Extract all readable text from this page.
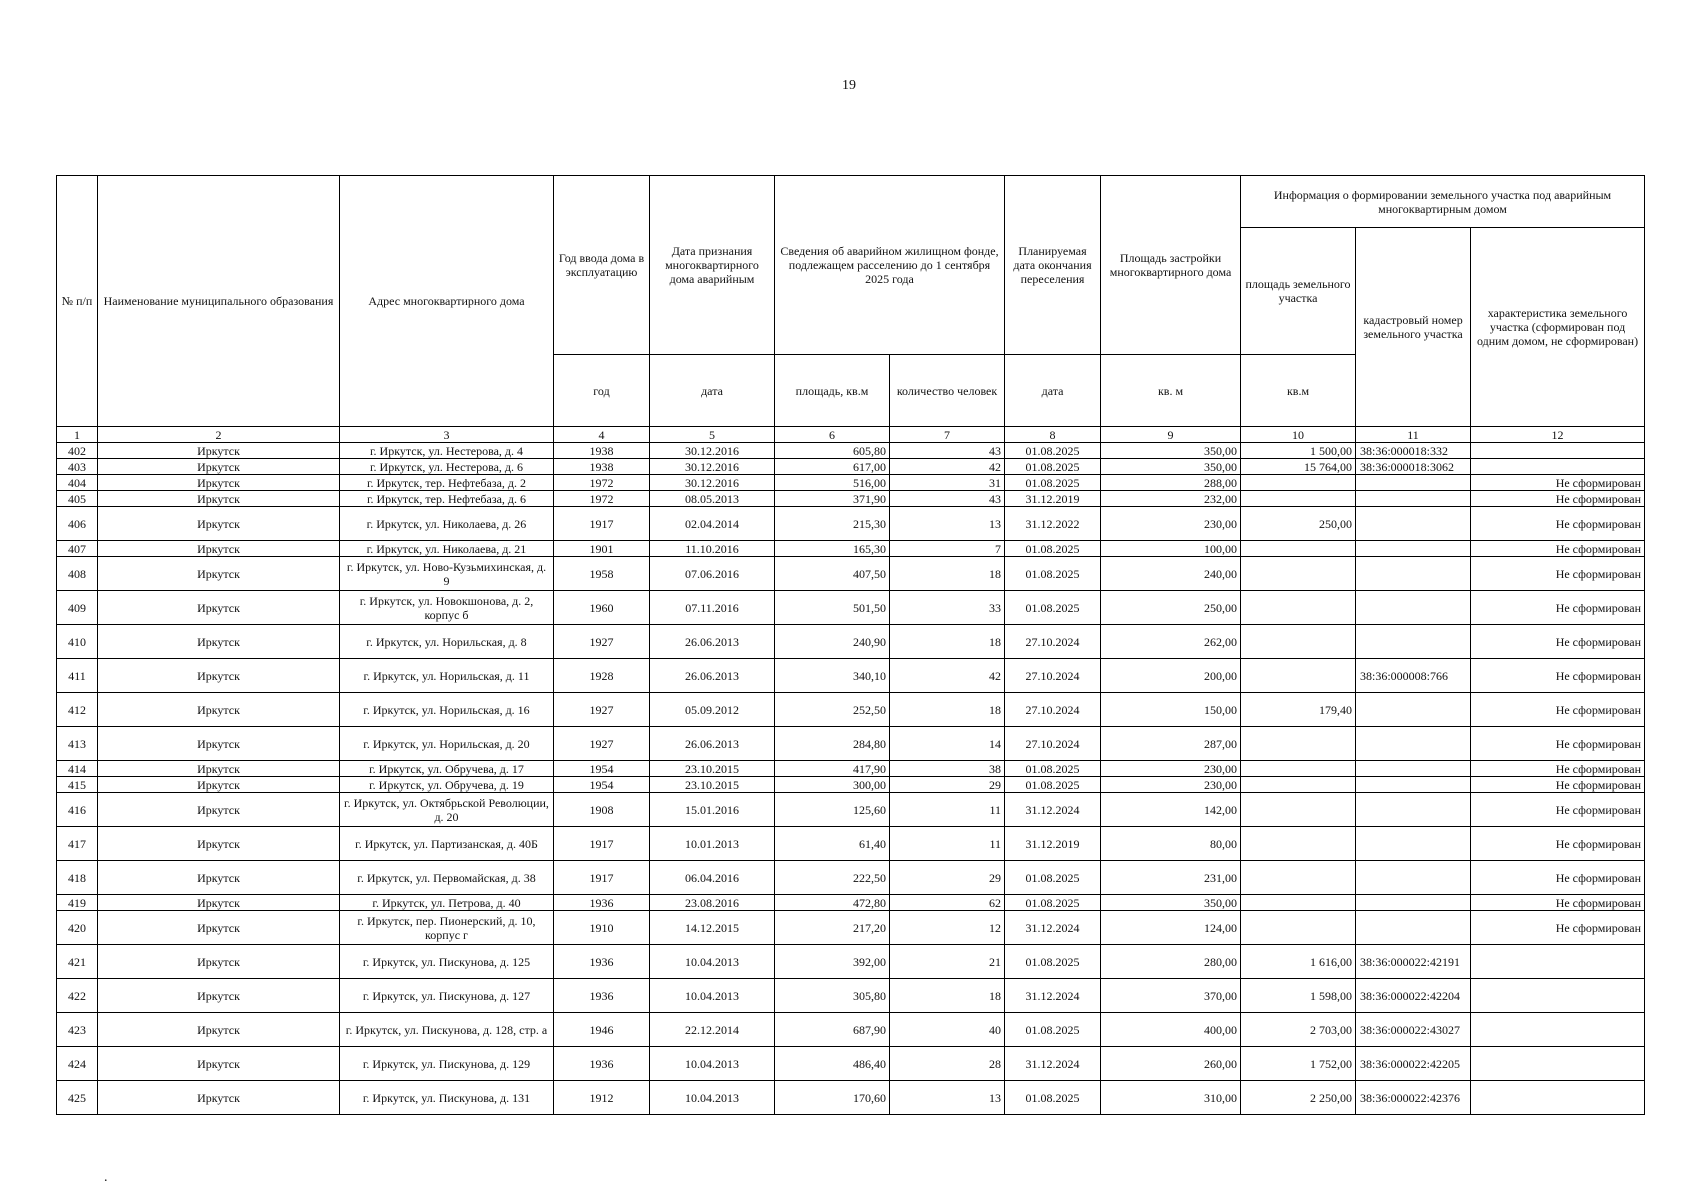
19
№ п/п	Наименование муниципального образования	Адрес многоквартирного дома	Год ввода дома в эксплуатацию	Дата признания многоквартирного дома аварийным	Сведения об аварийном жилищном фонде, подлежащем расселению до 1 сентября 2025 года		Планируемая дата окончания переселения	Площадь застройки многоквартирного дома	Информация о формировании земельного участка под аварийным многоквартирным домом		
									площадь земельного участка	кадастровый номер земельного участка	характеристика земельного участка (сформирован под одним домом, не сформирован)
			год	дата	площадь, кв.м	количество человек	дата	кв. м	кв.м		
1	2	3	4	5	6	7	8	9	10	11	12
402	Иркутск	г. Иркутск, ул. Нестерова, д. 4	1938	30.12.2016	605,80	43	01.08.2025	350,00	1 500,00	38:36:000018:332	
403	Иркутск	г. Иркутск, ул. Нестерова, д. 6	1938	30.12.2016	617,00	42	01.08.2025	350,00	15 764,00	38:36:000018:3062	
404	Иркутск	г. Иркутск, тер. Нефтебаза, д. 2	1972	30.12.2016	516,00	31	01.08.2025	288,00			Не сформирован
405	Иркутск	г. Иркутск, тер. Нефтебаза, д. 6	1972	08.05.2013	371,90	43	31.12.2019	232,00			Не сформирован
406	Иркутск	г. Иркутск, ул. Николаева, д. 26	1917	02.04.2014	215,30	13	31.12.2022	230,00	250,00		Не сформирован
407	Иркутск	г. Иркутск, ул. Николаева, д. 21	1901	11.10.2016	165,30	7	01.08.2025	100,00			Не сформирован
408	Иркутск	г. Иркутск, ул. Ново-Кузьмихинская, д. 9	1958	07.06.2016	407,50	18	01.08.2025	240,00			Не сформирован
409	Иркутск	г. Иркутск, ул. Новокшонова, д. 2, корпус б	1960	07.11.2016	501,50	33	01.08.2025	250,00			Не сформирован
410	Иркутск	г. Иркутск, ул. Норильская, д. 8	1927	26.06.2013	240,90	18	27.10.2024	262,00			Не сформирован
411	Иркутск	г. Иркутск, ул. Норильская, д. 11	1928	26.06.2013	340,10	42	27.10.2024	200,00		38:36:000008:766	Не сформирован
412	Иркутск	г. Иркутск, ул. Норильская, д. 16	1927	05.09.2012	252,50	18	27.10.2024	150,00	179,40		Не сформирован
413	Иркутск	г. Иркутск, ул. Норильская, д. 20	1927	26.06.2013	284,80	14	27.10.2024	287,00			Не сформирован
414	Иркутск	г. Иркутск, ул. Обручева, д. 17	1954	23.10.2015	417,90	38	01.08.2025	230,00			Не сформирован
415	Иркутск	г. Иркутск, ул. Обручева, д. 19	1954	23.10.2015	300,00	29	01.08.2025	230,00			Не сформирован
416	Иркутск	г. Иркутск, ул. Октябрьской Революции, д. 20	1908	15.01.2016	125,60	11	31.12.2024	142,00			Не сформирован
417	Иркутск	г. Иркутск, ул. Партизанская, д. 40Б	1917	10.01.2013	61,40	11	31.12.2019	80,00			Не сформирован
418	Иркутск	г. Иркутск, ул. Первомайская, д. 38	1917	06.04.2016	222,50	29	01.08.2025	231,00			Не сформирован
419	Иркутск	г. Иркутск, ул. Петрова, д. 40	1936	23.08.2016	472,80	62	01.08.2025	350,00			Не сформирован
420	Иркутск	г. Иркутск, пер. Пионерский, д. 10, корпус г	1910	14.12.2015	217,20	12	31.12.2024	124,00			Не сформирован
421	Иркутск	г. Иркутск, ул. Пискунова, д. 125	1936	10.04.2013	392,00	21	01.08.2025	280,00	1 616,00	38:36:000022:42191	
422	Иркутск	г. Иркутск, ул. Пискунова, д. 127	1936	10.04.2013	305,80	18	31.12.2024	370,00	1 598,00	38:36:000022:42204	
423	Иркутск	г. Иркутск, ул. Пискунова, д. 128, стр. а	1946	22.12.2014	687,90	40	01.08.2025	400,00	2 703,00	38:36:000022:43027	
424	Иркутск	г. Иркутск, ул. Пискунова, д. 129	1936	10.04.2013	486,40	28	31.12.2024	260,00	1 752,00	38:36:000022:42205	
425	Иркутск	г. Иркутск, ул. Пискунова, д. 131	1912	10.04.2013	170,60	13	01.08.2025	310,00	2 250,00	38:36:000022:42376	
.
